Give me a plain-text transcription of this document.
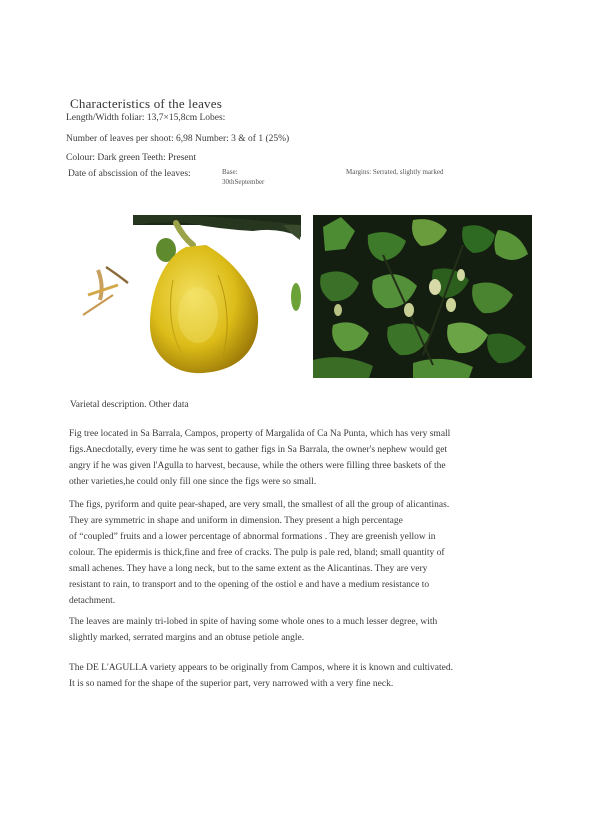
Characteristics of the leaves
Length/Width foliar: 13,7×15,8cm Lobes:
Number of leaves per shoot: 6,98 Number: 3 & of 1 (25%)
Colour: Dark green Teeth: Present
Date of abscission of the leaves:	Base:
30thSeptember
Margins: Serrated, slightly marked
Varietal description. Other data

Fig tree located in Sa Barrala, Campos, property of Margalida of Ca Na Punta, which has very small

figs.Anecdotally, every time he was sent to gather figs in Sa Barrala, the owner's nephew would get

angry if he was given l'Agulla to harvest, because, while the others were filling three baskets of the

other varieties,he could only fill one since the figs were so small.

The figs, pyriform and quite pear-shaped, are very small, the smallest of all the group of alicantinas.

They are symmetric in shape and uniform in dimension. They present a high percentage

of “coupled” fruits and a lower percentage of abnormal formations . They are greenish yellow in

colour. The epidermis is thick,fine and free of cracks. The pulp is pale red, bland; small quantity of

small achenes. They have a long neck, but to the same extent as the Alicantinas. They are very

resistant to rain, to transport and to the opening of the ostiol e and have a medium resistance to

detachment.

The leaves are mainly tri-lobed in spite of having some whole ones to a much lesser degree, with

slightly marked, serrated margins and an obtuse petiole angle.

The DE L'AGULLA variety appears to be originally from Campos, where it is known and cultivated.

It is so named for the shape of the superior part, very narrowed with a very fine neck.
